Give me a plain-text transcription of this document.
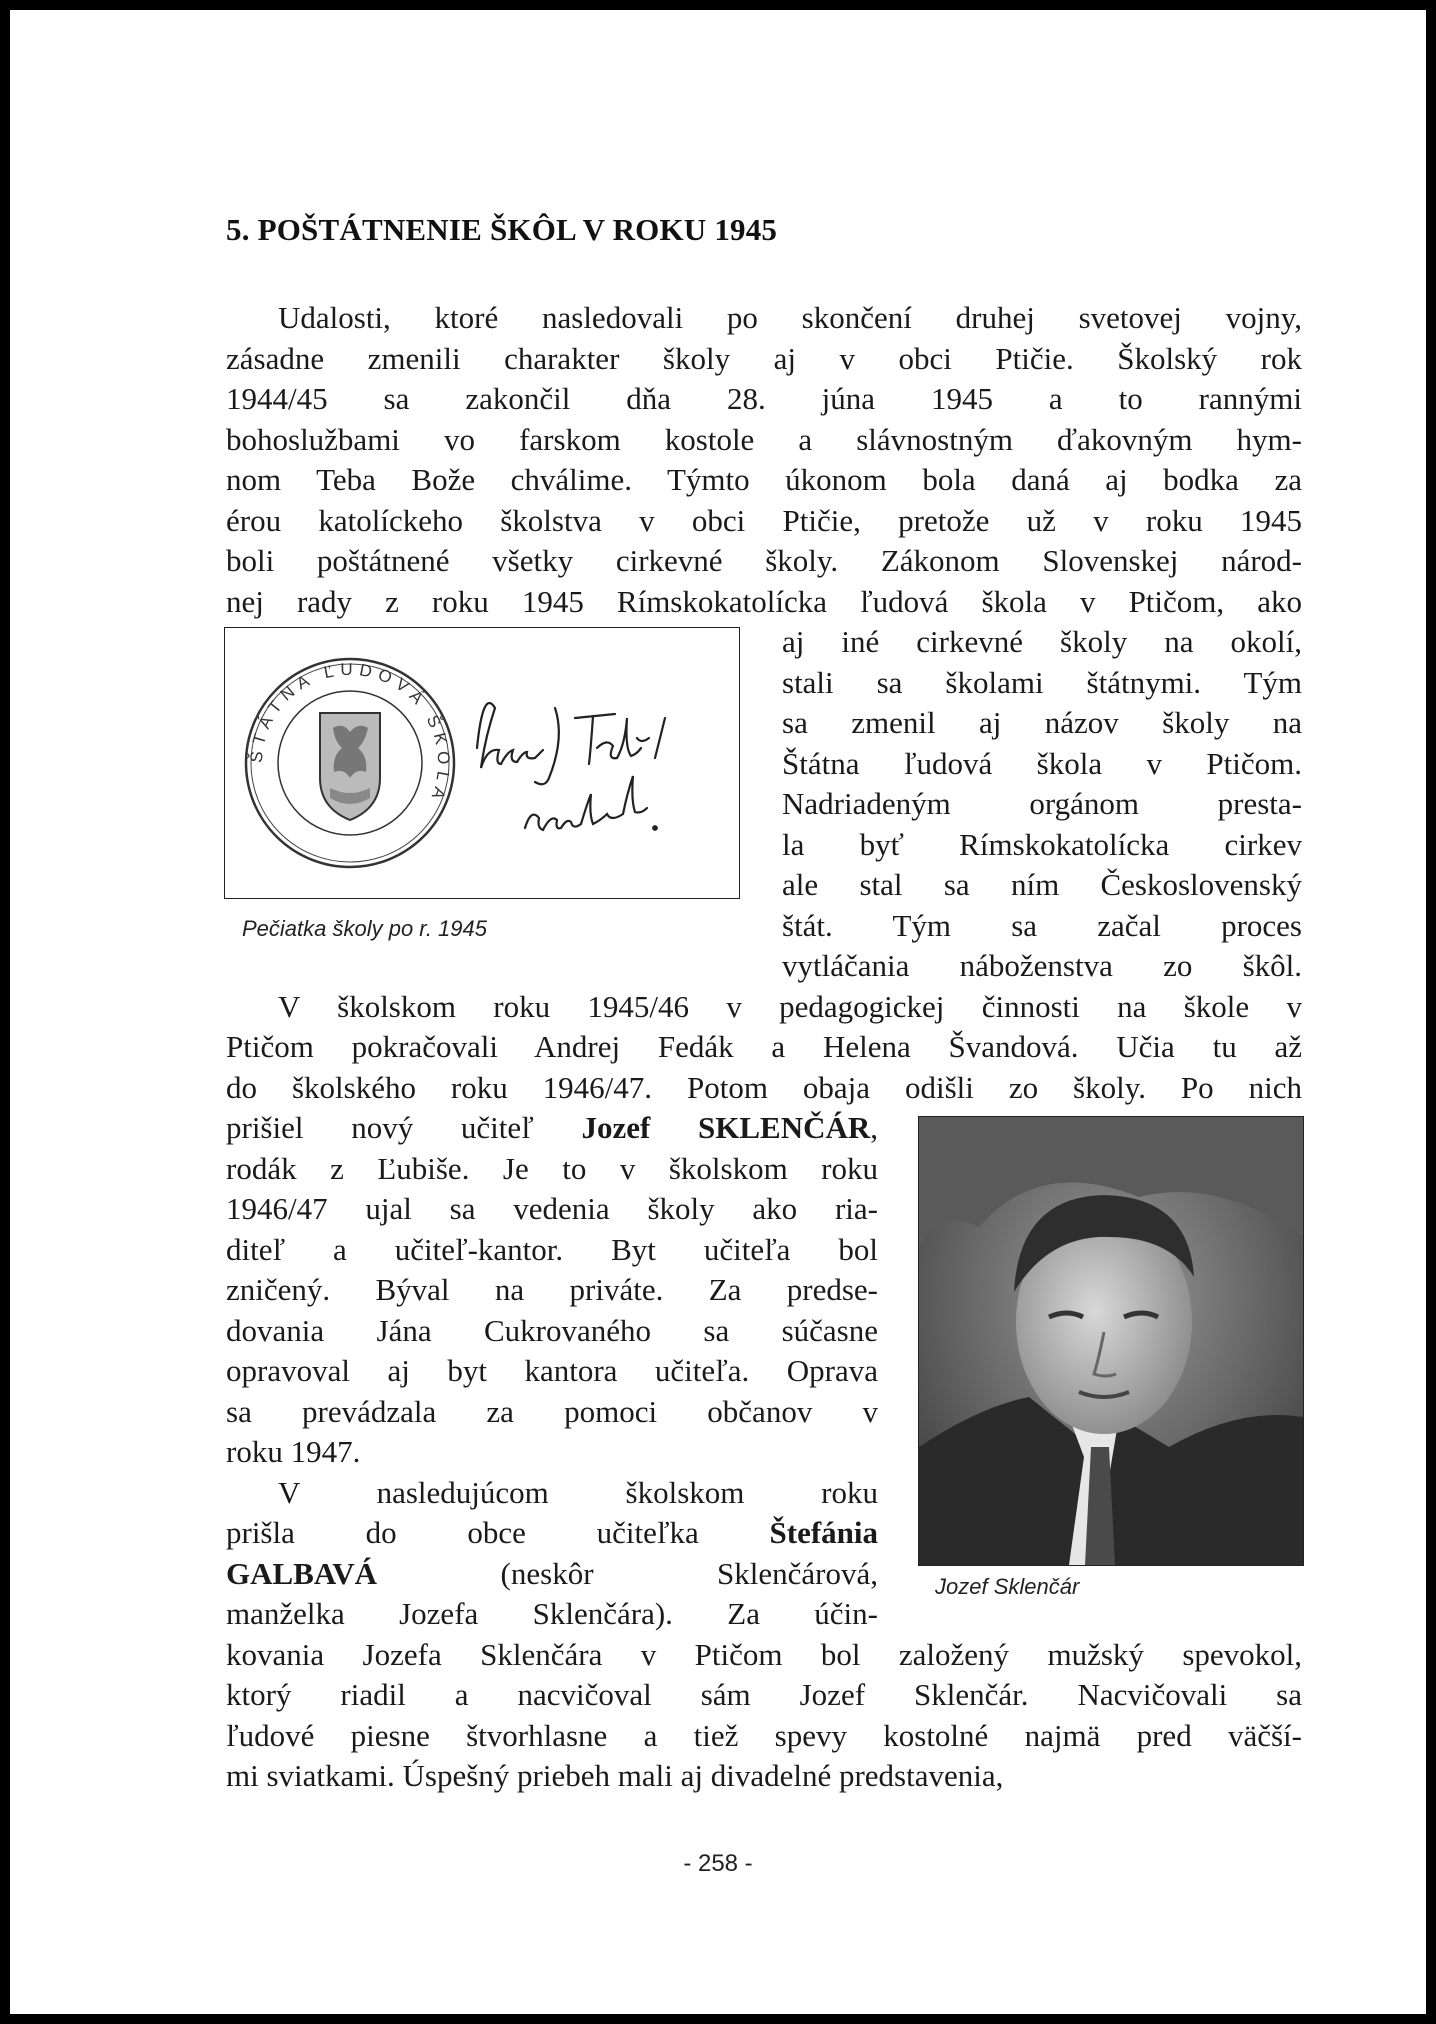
5. POŠTÁTNENIE ŠKÔL V ROKU 1945
Udalosti, ktoré nasledovali po skončení druhej svetovej vojny,
zásadne zmenili charakter školy aj v obci Ptičie. Školský rok
1944/45 sa zakončil dňa 28. júna 1945 a to rannými
bohoslužbami vo farskom kostole a slávnostným ďakovným hym-
nom Teba Bože chválime. Týmto úkonom bola daná aj bodka za
érou katolíckeho školstva v obci Ptičie, pretože už v roku 1945
boli poštátnené všetky cirkevné školy. Zákonom Slovenskej národ-
nej rady z roku 1945 Rímskokatolícka ľudová škola v Ptičom, ako
aj iné cirkevné školy na okolí,
stali sa školami štátnymi. Tým
sa zmenil aj názov školy na
Štátna ľudová škola v Ptičom.
Nadriadeným orgánom presta-
la byť Rímskokatolícka cirkev
ale stal sa ním Československý
štát. Tým sa začal proces
vytláčania náboženstva zo škôl.
V školskom roku 1945/46 v pedagogickej činnosti na škole v
Ptičom pokračovali Andrej Fedák a Helena Švandová. Učia tu až
do školského roku 1946/47. Potom obaja odišli zo školy. Po nich
prišiel nový učiteľ Jozef SKLENČÁR,
rodák z Ľubiše. Je to v školskom roku
1946/47 ujal sa vedenia školy ako ria-
diteľ a učiteľ-kantor. Byt učiteľa bol
zničený. Býval na priváte. Za predse-
dovania Jána Cukrovaného sa súčasne
opravoval aj byt kantora učiteľa. Oprava
sa prevádzala za pomoci občanov v
roku 1947.
V nasledujúcom školskom roku
prišla do obce učiteľka Štefánia
GALBAVÁ (neskôr Sklenčárová,
manželka Jozefa Sklenčára). Za účin-
kovania Jozefa Sklenčára v Ptičom bol založený mužský spevokol,
ktorý riadil a nacvičoval sám Jozef Sklenčár. Nacvičovali sa
ľudové piesne štvorhlasne a tiež spevy kostolné najmä pred väčší-
mi sviatkami. Úspešný priebeh mali aj divadelné predstavenia,
ŠTÁTNA ĽUDOVÁ ŠKOLA
Pečiatka školy po r. 1945
Jozef Sklenčár
- 258 -
